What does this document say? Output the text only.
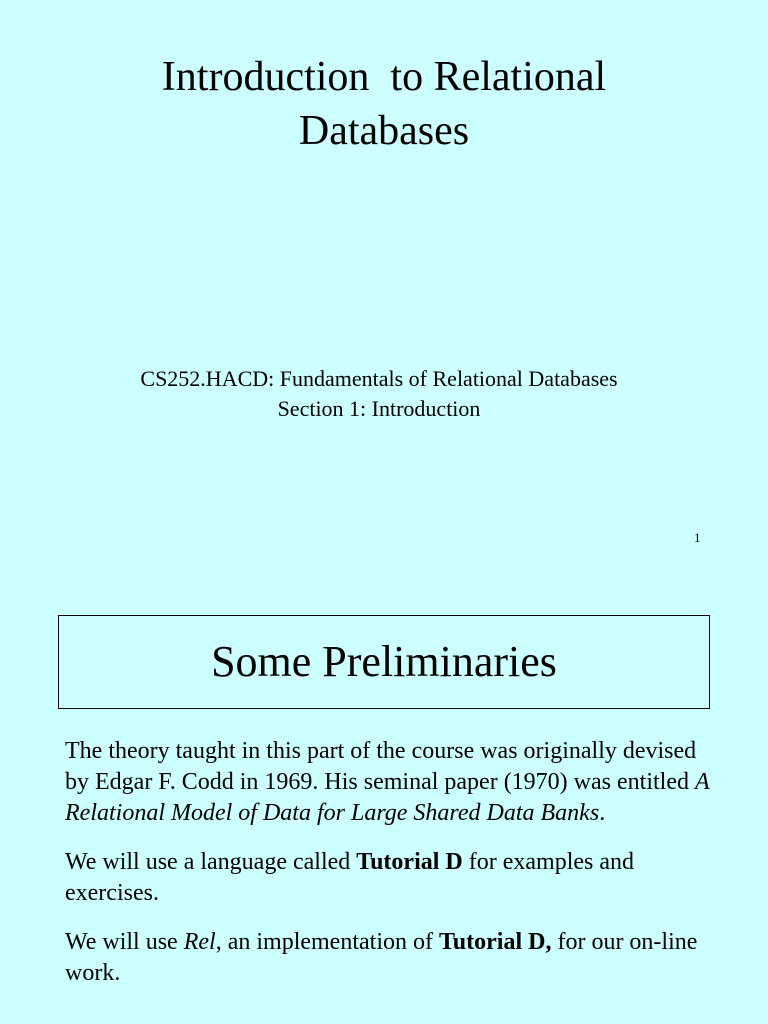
Introduction  to Relational
Databases
CS252.HACD: Fundamentals of Relational Databases
Section 1: Introduction
1
Some Preliminaries

The theory taught in this part of the course was originally devised by Edgar F. Codd in 1969. His seminal paper (1970) was entitled A Relational Model of Data for Large Shared Data Banks.

We will use a language called Tutorial D for examples and exercises.

We will use Rel, an implementation of Tutorial D, for our on-line work.
